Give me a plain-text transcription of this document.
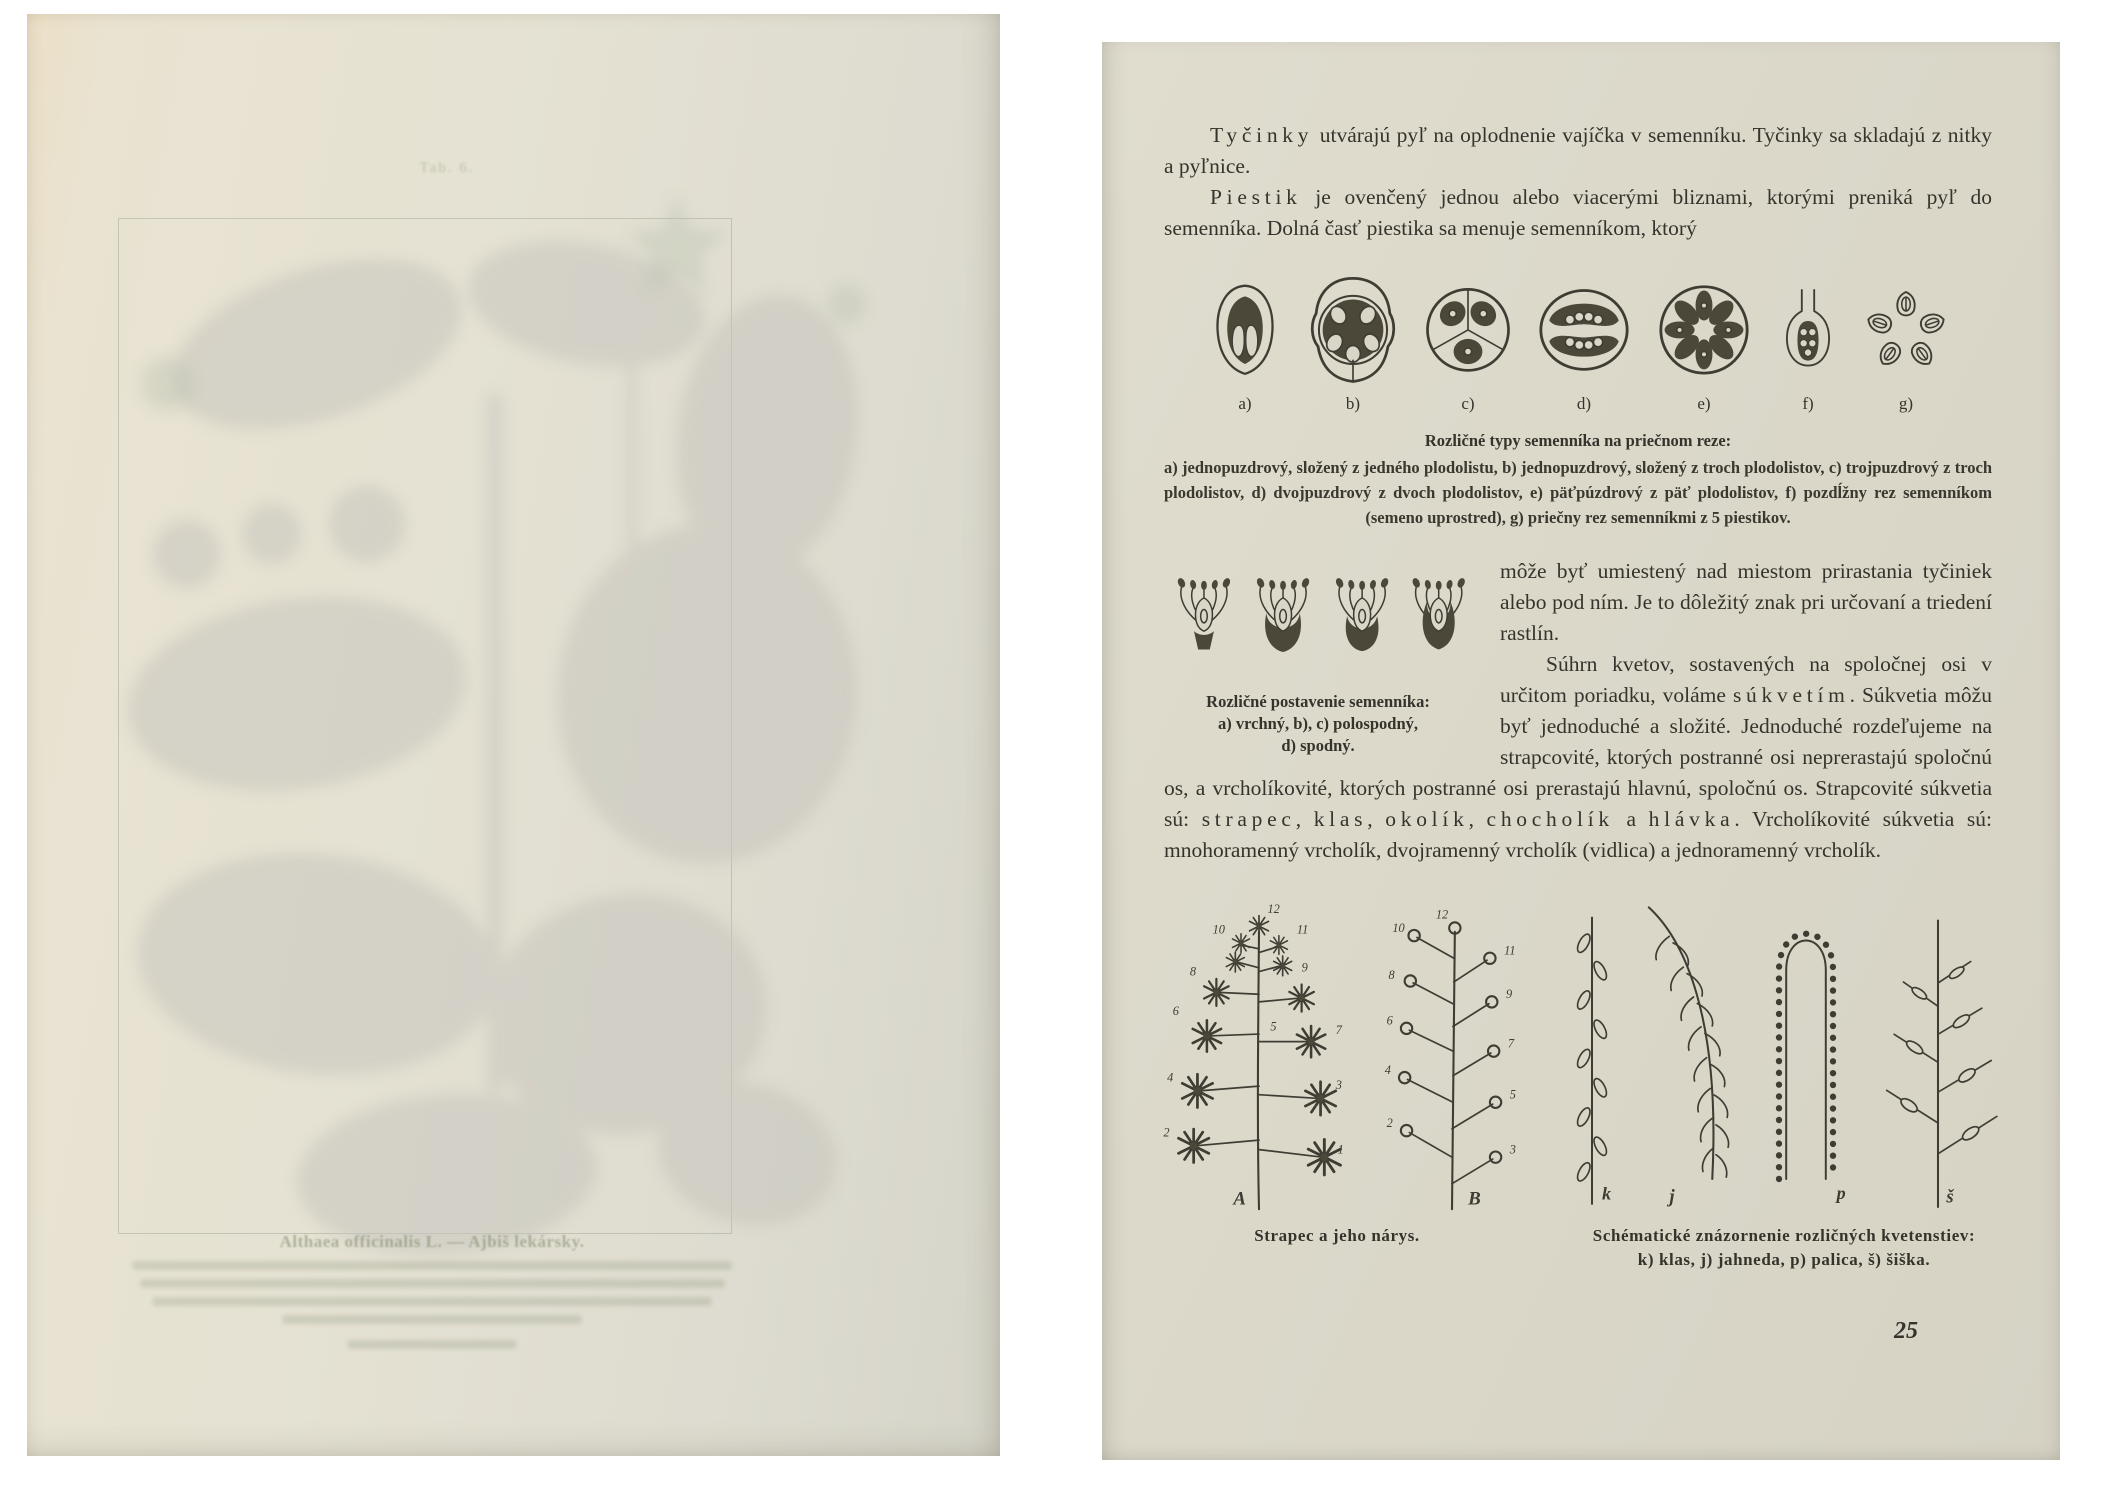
Tab. 6.
Althaea officinalis L. — Ajbiš lekársky.

Tyčinky utvárajú pyľ na oplodnenie vajíčka v semenníku. Tyčinky sa skladajú z nitky a pyľnice.

Piestik je ovenčený jednou alebo viacerými bliznami, ktorými preniká pyľ do semenníka. Dolná časť piestika sa menuje semenníkom, ktorý

a)	b)	c)	d)	e)	f)	g)
Rozličné typy semenníka na priečnom reze:
a) jednopuzdrový, složený z jedného plodolistu, b) jednopuzdrový, složený z troch plodolistov, c) trojpuzdrový z troch plodolistov, d) dvojpuzdrový z dvoch plodolistov, e) päťpúzdrový z päť plodolistov, f) pozdĺžny rez semenníkom (semeno uprostred), g) priečny rez semenníkmi z 5 piestikov.
Rozličné postavenie semenníka:
a) vrchný, b), c) polospodný,
d) spodný.

môže byť umiestený nad miestom prirastania tyčiniek alebo pod ním. Je to dôležitý znak pri určovaní a triedení rastlín.

Súhrn kvetov, sostavených na spoločnej osi v určitom poriadku, voláme súkvetím. Súkvetia môžu byť jednoduché a složité. Jednoduché rozdeľujeme na strapcovité, ktorých postranné osi neprerastajú spoločnú os, a vrcholíkovité, ktorých postranné osi prerastajú hlavnú, spoločnú os. Strapcovité súkvetia sú: strapec, klas, okolík, chocholík a hlávka. Vrcholíkovité súkvetia sú: mnohoramenný vrcholík, dvojramenný vrcholík (vidlica) a jednoramenný vrcholík.

12
11
10
9
8
6
5	7
4
3
2
1
A
12
10
11
8
9
6
7
4
5
2
3
B
Strapec a jeho nárys.
k	j	p	š
Schématické znázornenie rozličných kvetenstiev:
k) klas, j) jahneda, p) palica, š) šiška.
25
